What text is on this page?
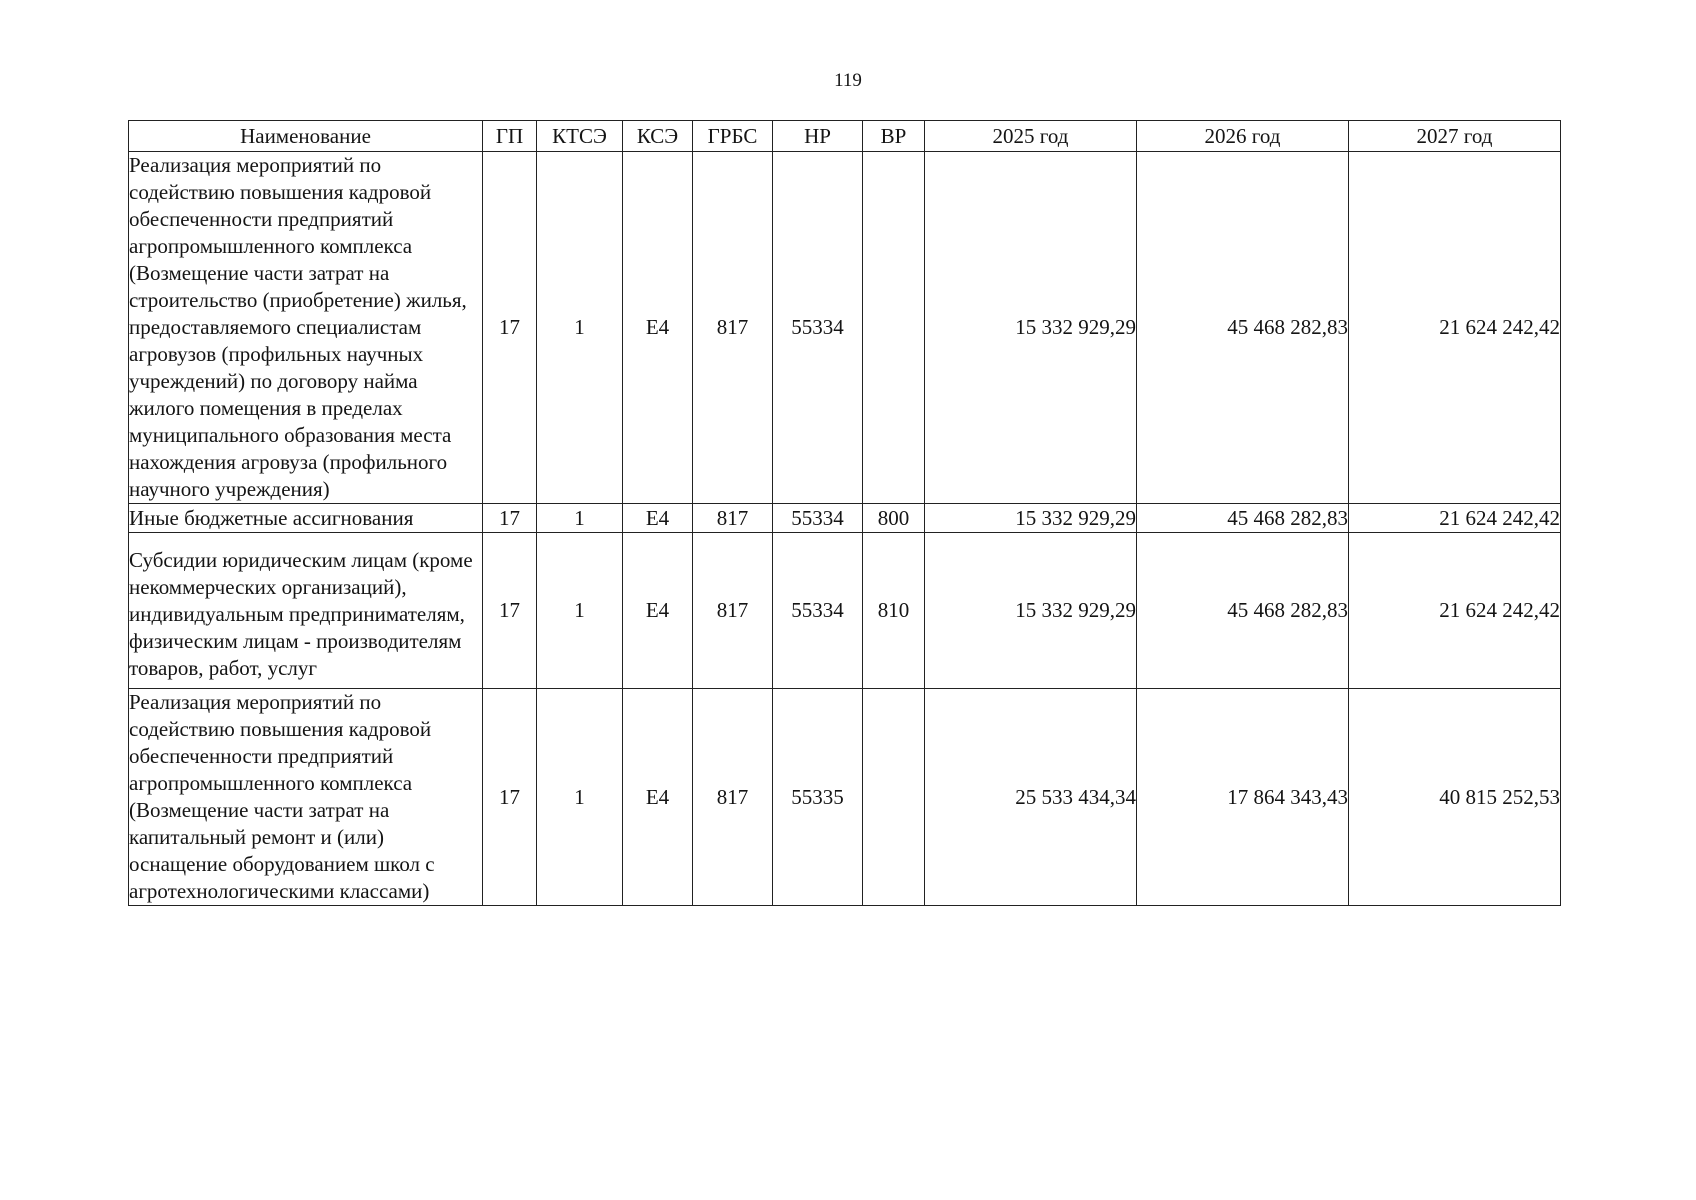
119
Наименование	ГП	КТСЭ	КСЭ	ГРБС	НР	ВР	2025 год	2026 год	2027 год
Реализация мероприятий по содействию повышения кадровой обеспеченности предприятий агропромышленного комплекса (Возмещение части затрат на строительство (приобретение) жилья, предоставляемого специалистам агровузов (профильных научных учреждений) по договору найма жилого помещения в пределах муниципального образования места нахождения агровуза (профильного научного учреждения)	17	1	Е4	817	55334		15 332 929,29	45 468 282,83	21 624 242,42
Иные бюджетные ассигнования	17	1	Е4	817	55334	800	15 332 929,29	45 468 282,83	21 624 242,42
Субсидии юридическим лицам (кроме некоммерческих организаций), индивидуальным предпринимателям, физическим лицам - производителям товаров, работ, услуг	17	1	Е4	817	55334	810	15 332 929,29	45 468 282,83	21 624 242,42
Реализация мероприятий по содействию повышения кадровой обеспеченности предприятий агропромышленного комплекса (Возмещение части затрат на капитальный ремонт и (или) оснащение оборудованием школ с агротехнологическими классами)	17	1	Е4	817	55335		25 533 434,34	17 864 343,43	40 815 252,53
